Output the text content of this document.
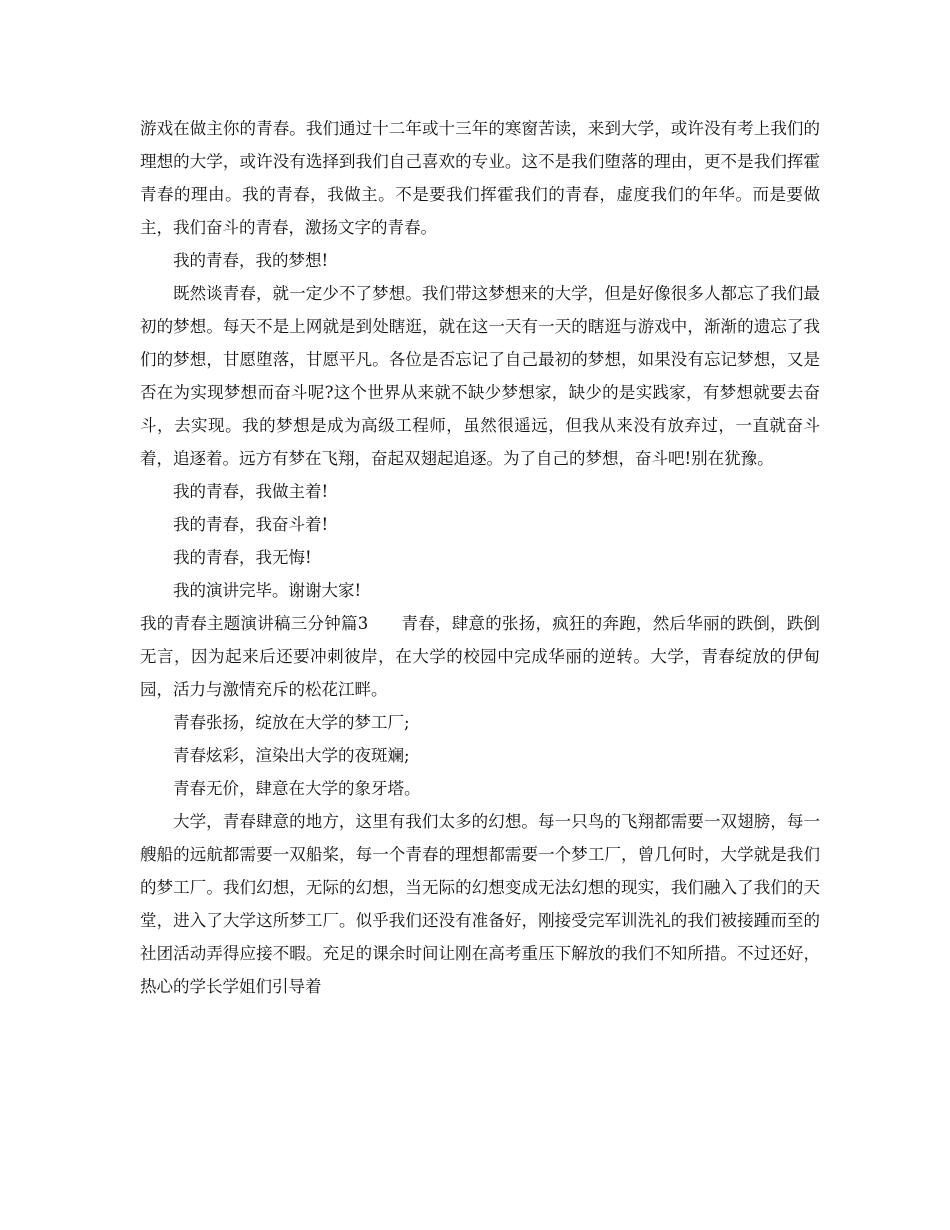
游戏在做主你的青春。我们通过十二年或十三年的寒窗苦读，来到大学，或许没有考上我们的理想的大学，或许没有选择到我们自己喜欢的专业。这不是我们堕落的理由，更不是我们挥霍青春的理由。我的青春，我做主。不是要我们挥霍我们的青春，虚度我们的年华。而是要做主，我们奋斗的青春，激扬文字的青春。

我的青春，我的梦想!

既然谈青春，就一定少不了梦想。我们带这梦想来的大学，但是好像很多人都忘了我们最初的梦想。每天不是上网就是到处瞎逛，就在这一天有一天的瞎逛与游戏中，渐渐的遗忘了我们的梦想，甘愿堕落，甘愿平凡。各位是否忘记了自己最初的梦想，如果没有忘记梦想，又是否在为实现梦想而奋斗呢?这个世界从来就不缺少梦想家，缺少的是实践家，有梦想就要去奋斗，去实现。我的梦想是成为高级工程师，虽然很遥远，但我从来没有放弃过，一直就奋斗着，追逐着。远方有梦在飞翔，奋起双翅起追逐。为了自己的梦想，奋斗吧!别在犹豫。

我的青春，我做主着!

我的青春，我奋斗着!

我的青春，我无悔!

我的演讲完毕。谢谢大家!

我的青春主题演讲稿三分钟篇3 青春，肆意的张扬，疯狂的奔跑，然后华丽的跌倒，跌倒无言，因为起来后还要冲刺彼岸，在大学的校园中完成华丽的逆转。大学，青春绽放的伊甸园，活力与激情充斥的松花江畔。

青春张扬，绽放在大学的梦工厂;

青春炫彩，渲染出大学的夜斑斓;

青春无价，肆意在大学的象牙塔。

大学，青春肆意的地方，这里有我们太多的幻想。每一只鸟的飞翔都需要一双翅膀，每一艘船的远航都需要一双船桨，每一个青春的理想都需要一个梦工厂，曾几何时，大学就是我们的梦工厂。我们幻想，无际的幻想，当无际的幻想变成无法幻想的现实，我们融入了我们的天堂，进入了大学这所梦工厂。似乎我们还没有准备好，刚接受完军训洗礼的我们被接踵而至的社团活动弄得应接不暇。充足的课余时间让刚在高考重压下解放的我们不知所措。不过还好，热心的学长学姐们引导着
